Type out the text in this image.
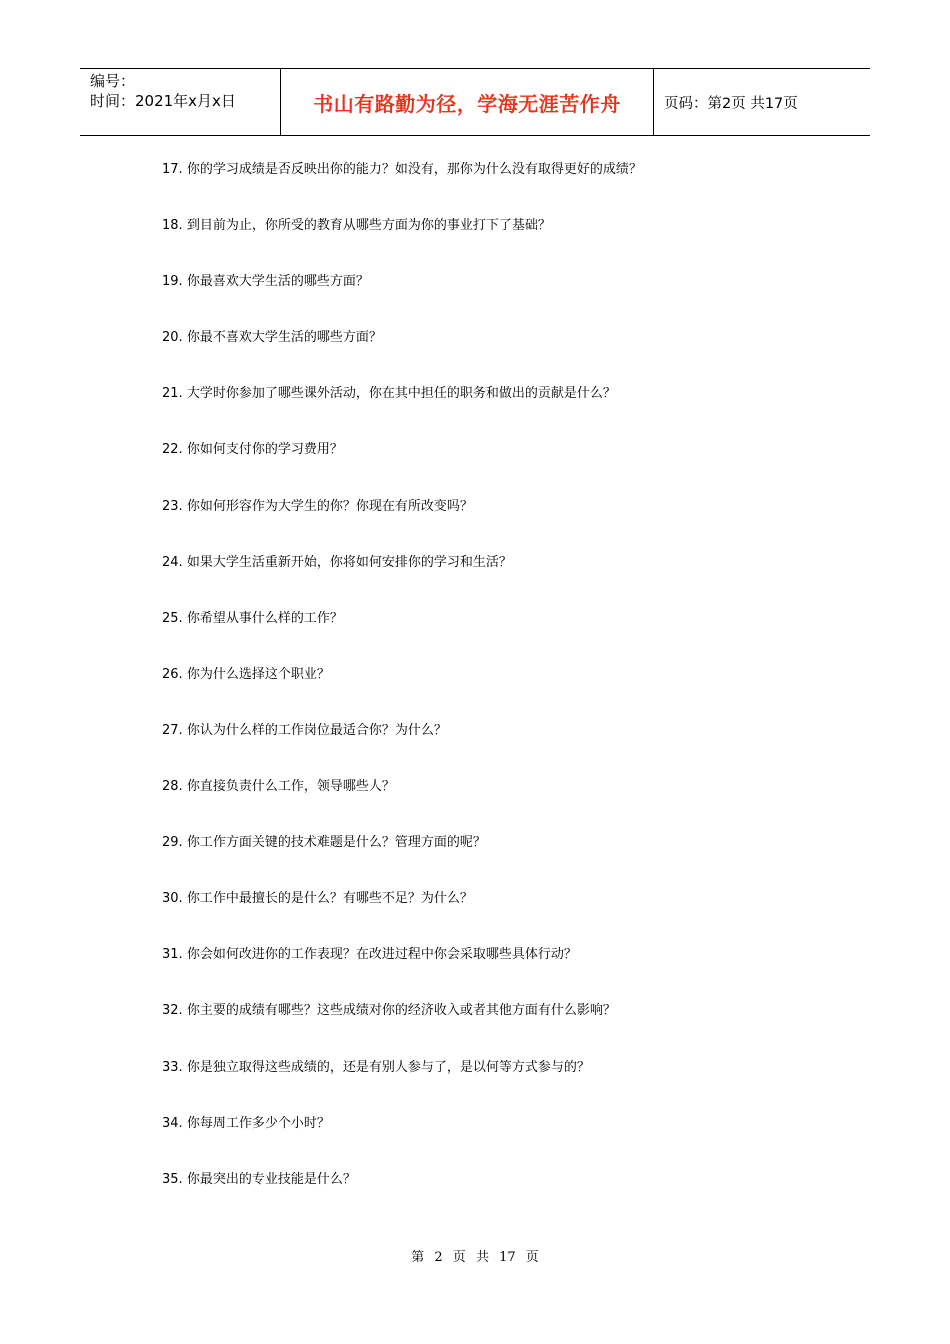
编号：
时间：2021年x月x日	书山有路勤为径，学海无涯苦作舟	页码：第2页 共17页
17. 你的学习成绩是否反映出你的能力？如没有，那你为什么没有取得更好的成绩？
18. 到目前为止，你所受的教育从哪些方面为你的事业打下了基础？
19. 你最喜欢大学生活的哪些方面？
20. 你最不喜欢大学生活的哪些方面？
21. 大学时你参加了哪些课外活动，你在其中担任的职务和做出的贡献是什么？
22. 你如何支付你的学习费用？
23. 你如何形容作为大学生的你？你现在有所改变吗？
24. 如果大学生活重新开始，你将如何安排你的学习和生活？
25. 你希望从事什么样的工作？
26. 你为什么选择这个职业？
27. 你认为什么样的工作岗位最适合你？为什么？
28. 你直接负责什么工作，领导哪些人？
29. 你工作方面关键的技术难题是什么？管理方面的呢？
30. 你工作中最擅长的是什么？有哪些不足？为什么？
31. 你会如何改进你的工作表现？在改进过程中你会采取哪些具体行动？
32. 你主要的成绩有哪些？这些成绩对你的经济收入或者其他方面有什么影响？
33. 你是独立取得这些成绩的，还是有别人参与了，是以何等方式参与的？
34. 你每周工作多少个小时？
35. 你最突出的专业技能是什么？
第 2 页 共 17 页
